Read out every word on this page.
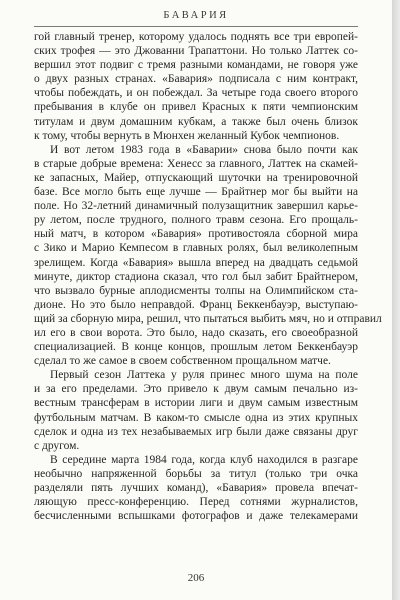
БАВАРИЯ
гой главный тренер, которому удалось поднять все три европей-
ских трофея — это Джованни Трапаттони. Но только Латтек со-
вершил этот подвиг с тремя разными командами, не говоря уже
о двух разных странах. «Бавария» подписала с ним контракт,
чтобы побеждать, и он побеждал. За четыре года своего второго
пребывания в клубе он привел Красных к пяти чемпионским
титулам и двум домашним кубкам, а также был очень близок
к тому, чтобы вернуть в Мюнхен желанный Кубок чемпионов.
И вот летом 1983 года в «Баварии» снова было почти как
в старые добрые времена: Хенесс за главного, Латтек на скамей-
ке запасных, Майер, отпускающий шуточки на тренировочной
базе. Все могло быть еще лучше — Брайтнер мог бы выйти на
поле. Но 32-летний динамичный полузащитник завершил карье-
ру летом, после трудного, полного травм сезона. Его прощаль-
ный матч, в котором «Бавария» противостояла сборной мира
с Зико и Марио Кемпесом в главных ролях, был великолепным
зрелищем. Когда «Бавария» вышла вперед на двадцать седьмой
минуте, диктор стадиона сказал, что гол был забит Брайтнером,
что вызвало бурные аплодисменты толпы на Олимпийском ста-
дионе. Но это было неправдой. Франц Беккенбауэр, выступаю-
щий за сборную мира, решил, что пытаться выбить мяч, но и отправил
ил его в свои ворота. Это было, надо сказать, его своеобразной
специализацией. В конце концов, прошлым летом Беккенбауэр
сделал то же самое в своем собственном прощальном матче.
Первый сезон Латтека у руля принес много шума на поле
и за его пределами. Это привело к двум самым печально из-
вестным трансферам в истории лиги и двум самым известным
футбольным матчам. В каком-то смысле одна из этих крупных
сделок и одна из тех незабываемых игр были даже связаны друг
с другом.
В середине марта 1984 года, когда клуб находился в разгаре
необычно напряженной борьбы за титул (только три очка
разделяли пять лучших команд), «Бавария» провела впечат-
ляющую пресс-конференцию. Перед сотнями журналистов,
бесчисленными вспышками фотографов и даже телекамерами
206
